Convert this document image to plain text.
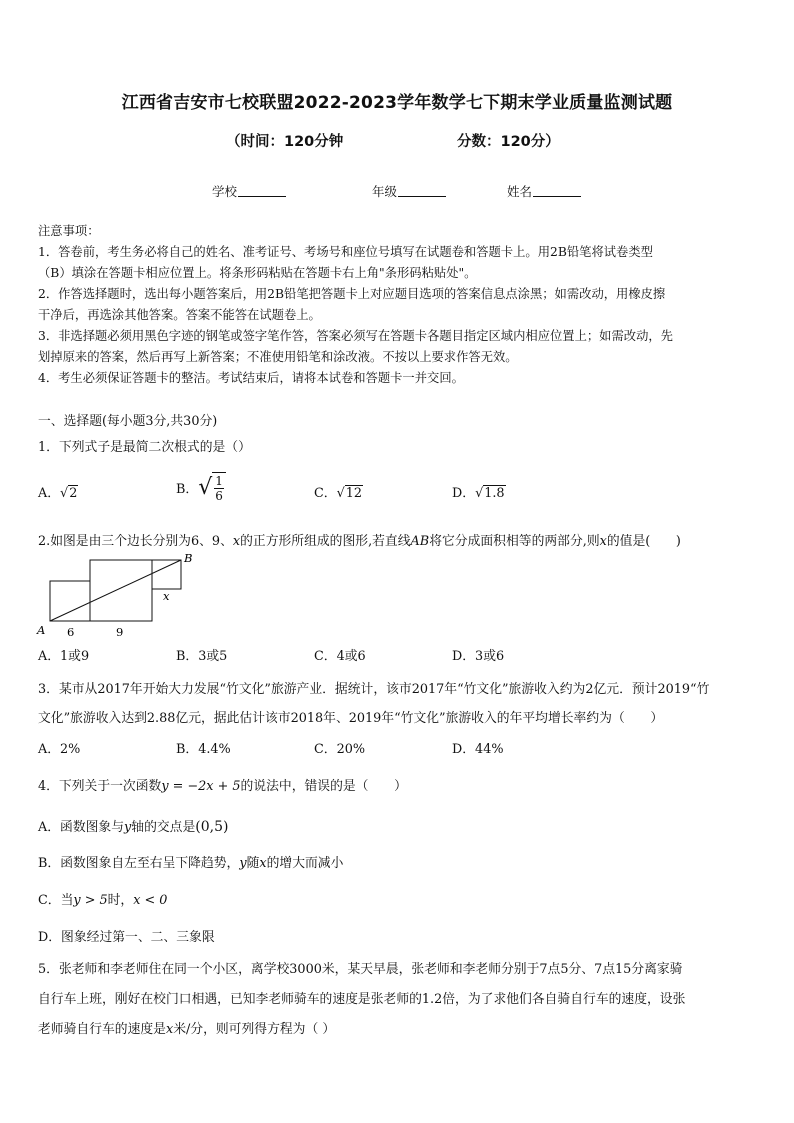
江西省吉安市七校联盟2022-2023学年数学七下期末学业质量监测试题
（时间：120分钟	分数：120分）
学校	年级	姓名
注意事项：
1．答卷前，考生务必将自己的姓名、准考证号、考场号和座位号填写在试题卷和答题卡上。用2B铅笔将试卷类型
（B）填涂在答题卡相应位置上。将条形码粘贴在答题卡右上角"条形码粘贴处"。
2．作答选择题时，选出每小题答案后，用2B铅笔把答题卡上对应题目选项的答案信息点涂黑；如需改动，用橡皮擦
干净后，再选涂其他答案。答案不能答在试题卷上。
3．非选择题必须用黑色字迹的钢笔或签字笔作答，答案必须写在答题卡各题目指定区域内相应位置上；如需改动，先
划掉原来的答案，然后再写上新答案；不准使用铅笔和涂改液。不按以上要求作答无效。
4．考生必须保证答题卡的整洁。考试结束后，请将本试卷和答题卡一并交回。
一、选择题(每小题3分,共30分)
1．下列式子是最简二次根式的是（）
A．√2	B．√ $\frac{1}{6}$	C．√12	D．√1.8
2.如图是由三个边长分别为6、9、x的正方形所组成的图形,若直线AB将它分成面积相等的两部分,则x的值是(　　)
A
B
x
6	9
A．1或9	B．3或5	C．4或6	D．3或6
3．某市从2017年开始大力发展“竹文化”旅游产业．据统计，该市2017年“竹文化”旅游收入约为2亿元．预计2019“竹
文化”旅游收入达到2.88亿元，据此估计该市2018年、2019年“竹文化”旅游收入的年平均增长率约为（　　）
A．2%	B．4.4%	C．20%	D．44%
4．下列关于一次函数y = −2x + 5的说法中，错误的是（　　）
A．函数图象与y轴的交点是(0,5)
B．函数图象自左至右呈下降趋势，y随x的增大而减小
C．当y > 5时，x < 0
D．图象经过第一、二、三象限
5．张老师和李老师住在同一个小区，离学校3000米，某天早晨，张老师和李老师分别于7点5分、7点15分离家骑
自行车上班，刚好在校门口相遇，已知李老师骑车的速度是张老师的1.2倍，为了求他们各自骑自行车的速度，设张
老师骑自行车的速度是x米/分，则可列得方程为（ ）
